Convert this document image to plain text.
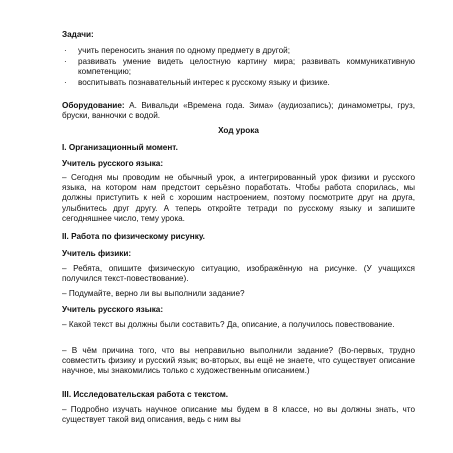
Задачи:
· учить переносить знания по одному предмету в другой;
· развивать умение видеть целостную картину мира; развивать коммуникативную компетенцию;
· воспитывать познавательный интерес к русскому языку и физике.
Оборудование: А. Вивальди «Времена года. Зима» (аудиозапись); динамометры, груз, бруски, ванночки с водой.
Ход урока
I. Организационный момент.
Учитель русского языка:
– Сегодня мы проводим не обычный урок, а интегрированный урок физики и русского языка, на котором нам предстоит серьёзно поработать. Чтобы работа спорилась, мы должны приступить к ней с хорошим настроением, поэтому посмотрите друг на друга, улыбнитесь друг другу. А теперь откройте тетради по русскому языку и запишите сегодняшнее число, тему урока.
II. Работа по физическому рисунку.
Учитель физики:
– Ребята, опишите физическую ситуацию, изображённую на рисунке. (У учащихся получился текст-повествование).
– Подумайте, верно ли вы выполнили задание?
Учитель русского языка:
– Какой текст вы должны были составить? Да, описание, а получилось повествование.
– В чём причина того, что вы неправильно выполнили задание? (Во-первых, трудно совместить физику и русский язык; во-вторых, вы ещё не знаете, что существует описание научное, мы знакомились только с художественным описанием.)
III. Исследовательская работа с текстом.
– Подробно изучать научное описание мы будем в 8 классе, но вы должны знать, что существует такой вид описания, ведь с ним вы
